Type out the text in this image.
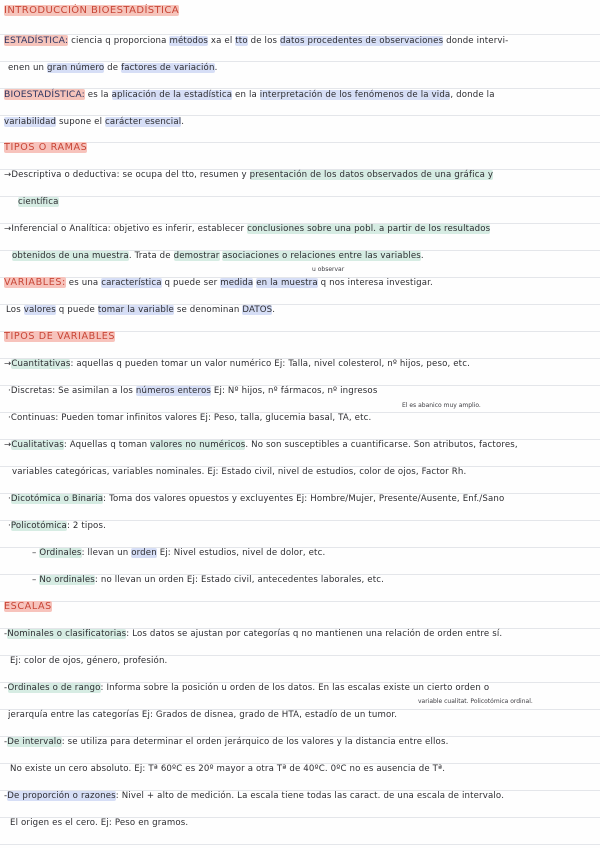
INTRODUCCIÓN BIOESTADÍSTICA
ESTADÍSTICA: ciencia q proporciona métodos xa el tto de los datos procedentes de observaciones donde intervi-
enen un gran número de factores de variación.
BIOESTADÍSTICA: es la aplicación de la estadística en la interpretación de los fenómenos de la vida, donde la
variabilidad supone el carácter esencial.
TIPOS O RAMAS
→Descriptiva o deductiva: se ocupa del tto, resumen y presentación de los datos observados de una gráfica y
científica
→Inferencial o Analítica: objetivo es inferir, establecer conclusiones sobre una pobl. a partir de los resultados
obtenidos de una muestra. Trata de demostrar asociaciones o relaciones entre las variables.
u observar
VARIABLES: es una característica q puede ser medida en la muestra q nos interesa investigar.
Los valores q puede tomar la variable se denominan DATOS.
TIPOS DE VARIABLES
→Cuantitativas: aquellas q pueden tomar un valor numérico Ej: Talla, nivel colesterol, nº hijos, peso, etc.
·Discretas: Se asimilan a los números enteros Ej: Nº hijos, nº fármacos, nº ingresos
El es abanico muy amplio.
·Continuas: Pueden tomar infinitos valores Ej: Peso, talla, glucemia basal, TA, etc.
→Cualitativas: Aquellas q toman valores no numéricos. No son susceptibles a cuantificarse. Son atributos, factores,
variables categóricas, variables nominales. Ej: Estado civil, nivel de estudios, color de ojos, Factor Rh.
·Dicotómica o Binaria: Toma dos valores opuestos y excluyentes Ej: Hombre/Mujer, Presente/Ausente, Enf./Sano
·Policotómica: 2 tipos.
– Ordinales: llevan un orden Ej: Nivel estudios, nivel de dolor, etc.
– No ordinales: no llevan un orden Ej: Estado civil, antecedentes laborales, etc.
ESCALAS
-Nominales o clasificatorias: Los datos se ajustan por categorías q no mantienen una relación de orden entre sí.
Ej: color de ojos, género, profesión.
-Ordinales o de rango: Informa sobre la posición u orden de los datos. En las escalas existe un cierto orden o
variable cualitat. Policotómica ordinal.
jerarquía entre las categorías Ej: Grados de disnea, grado de HTA, estadío de un tumor.
-De intervalo: se utiliza para determinar el orden jerárquico de los valores y la distancia entre ellos.
No existe un cero absoluto. Ej: Tª 60ºC es 20º mayor a otra Tª de 40ºC. 0ºC no es ausencia de Tª.
-De proporción o razones: Nivel + alto de medición. La escala tiene todas las caract. de una escala de intervalo.
El origen es el cero. Ej: Peso en gramos.
